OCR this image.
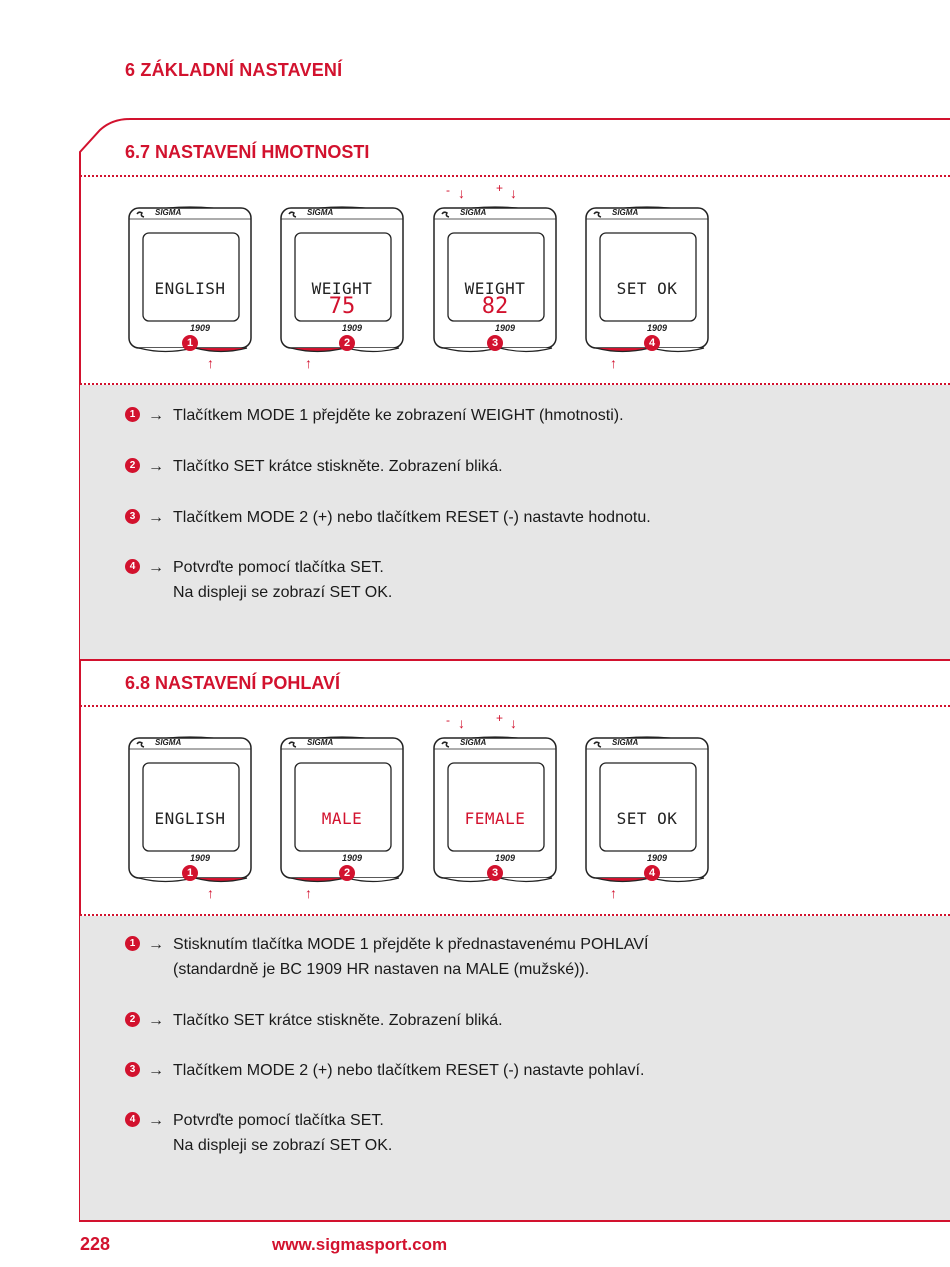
6 ZÁKLADNÍ NASTAVENÍ
6.7 NASTAVENÍ HMOTNOSTI
SIGMA
ENGLISH
1909
1
↑
SIGMA
WEIGHT
75
1909
2
↑
SIGMA
WEIGHT
82
1909
3
-	+
↓	↓
SIGMA
SET OK
1909
4
↑
1 → Tlačítkem MODE 1 přejděte ke zobrazení WEIGHT (hmotnosti).
2 → Tlačítko SET krátce stiskněte. Zobrazení bliká.
3 → Tlačítkem MODE 2 (+) nebo tlačítkem RESET (-) nastavte hodnotu.
4 → Potvrďte pomocí tlačítka SET.
Na displeji se zobrazí SET OK.
6.8 NASTAVENÍ POHLAVÍ
SIGMA
ENGLISH
1909
1
↑
SIGMA
MALE
1909
2
↑
SIGMA
FEMALE
1909
3
-	+
↓	↓
SIGMA
SET OK
1909
4
↑
1 → Stisknutím tlačítka MODE 1 přejděte k přednastavenému POHLAVÍ
(standardně je BC 1909 HR nastaven na MALE (mužské)).
2 → Tlačítko SET krátce stiskněte. Zobrazení bliká.
3 → Tlačítkem MODE 2 (+) nebo tlačítkem RESET (-) nastavte pohlaví.
4 → Potvrďte pomocí tlačítka SET.
Na displeji se zobrazí SET OK.
228	www.sigmasport.com
